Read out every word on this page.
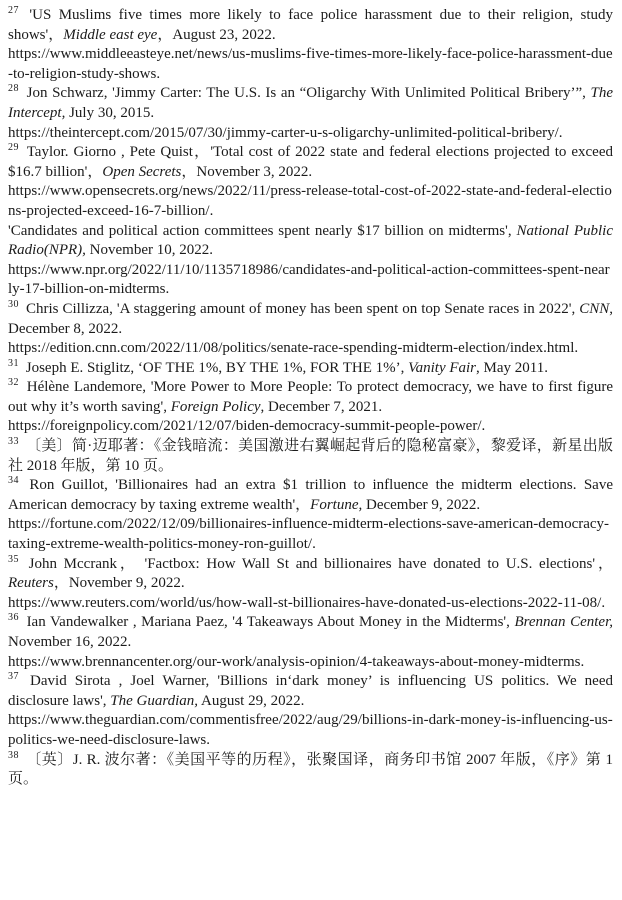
$^{27}$ 'US Muslims five times more likely to face police harassment due to their religion, study shows'，Middle east eye，August 23, 2022.

https://www.middleeasteye.net/news/us-muslims-five-times-more-likely-face-police-harassment-due-to-religion-study-shows.

$^{28}$ Jon Schwarz, 'Jimmy Carter: The U.S. Is an “Oligarchy With Unlimited Political Bribery’”, The Intercept, July 30, 2015.

https://theintercept.com/2015/07/30/jimmy-carter-u-s-oligarchy-unlimited-political-bribery/.

$^{29}$ Taylor. Giorno , Pete Quist，'Total cost of 2022 state and federal elections projected to exceed $16.7 billion'，Open Secrets，November 3, 2022.

https://www.opensecrets.org/news/2022/11/press-release-total-cost-of-2022-state-and-federal-elections-projected-exceed-16-7-billion/.

'Candidates and political action committees spent nearly $17 billion on midterms', National Public Radio(NPR), November 10, 2022.

https://www.npr.org/2022/11/10/1135718986/candidates-and-political-action-committees-spent-nearly-17-billion-on-midterms.

$^{30}$ Chris Cillizza, 'A staggering amount of money has been spent on top Senate races in 2022', CNN, December 8, 2022.

https://edition.cnn.com/2022/11/08/politics/senate-race-spending-midterm-election/index.html.

$^{31}$ Joseph E. Stiglitz, ‘OF THE 1%, BY THE 1%, FOR THE 1%’, Vanity Fair, May 2011.

$^{32}$ Hélène Landemore, 'More Power to More People: To protect democracy, we have to first figure out why it’s worth saving', Foreign Policy, December 7, 2021.

https://foreignpolicy.com/2021/12/07/biden-democracy-summit-people-power/.

$^{33}$ 〔美〕简·迈耶著：《金钱暗流：美国激进右翼崛起背后的隐秘富豪》，黎爱译，新星出版社 2018 年版，第 10 页。

$^{34}$ Ron Guillot, 'Billionaires had an extra $1 trillion to influence the midterm elections. Save American democracy by taxing extreme wealth'，Fortune, December 9, 2022.

https://fortune.com/2022/12/09/billionaires-influence-midterm-elections-save-american-democracy-taxing-extreme-wealth-politics-money-ron-guillot/.

$^{35}$ John Mccrank， 'Factbox: How Wall St and billionaires have donated to U.S. elections'，Reuters，November 9, 2022.

https://www.reuters.com/world/us/how-wall-st-billionaires-have-donated-us-elections-2022-11-08/.

$^{36}$ Ian Vandewalker , Mariana Paez, '4 Takeaways About Money in the Midterms', Brennan Center, November 16, 2022.

https://www.brennancenter.org/our-work/analysis-opinion/4-takeaways-about-money-midterms.

$^{37}$ David Sirota , Joel Warner, 'Billions in‘dark money’ is influencing US politics. We need disclosure laws', The Guardian, August 29, 2022.

https://www.theguardian.com/commentisfree/2022/aug/29/billions-in-dark-money-is-influencing-us-politics-we-need-disclosure-laws.

$^{38}$ 〔英〕J. R. 波尔著：《美国平等的历程》，张聚国译，商务印书馆 2007 年版，《序》第 1 页。
